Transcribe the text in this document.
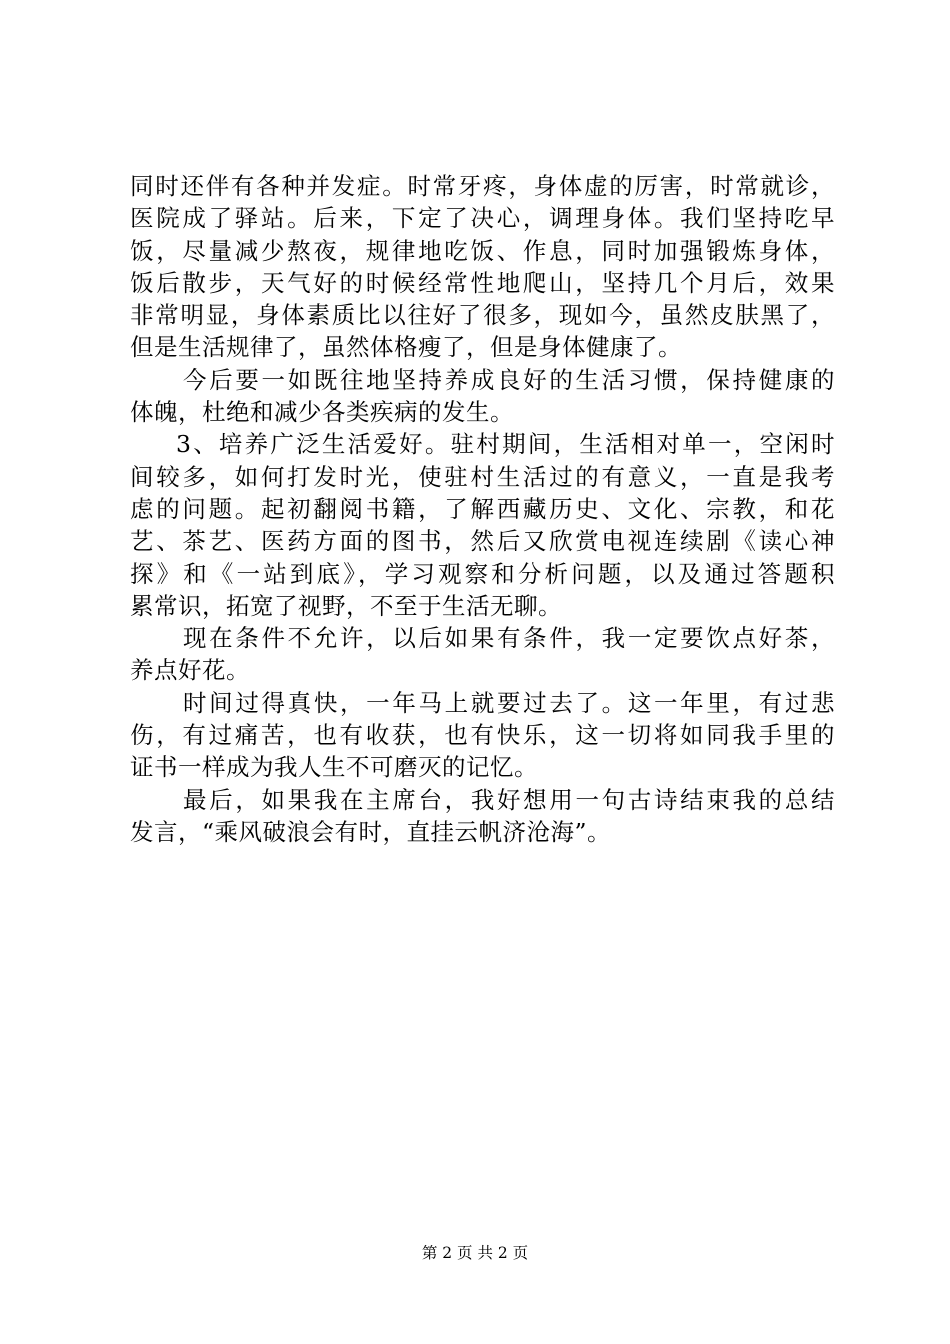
同时还伴有各种并发症。时常牙疼，身体虚的厉害，时常就诊，
医院成了驿站。后来，下定了决心，调理身体。我们坚持吃早
饭，尽量减少熬夜，规律地吃饭、作息，同时加强锻炼身体，
饭后散步，天气好的时候经常性地爬山，坚持几个月后，效果
非常明显，身体素质比以往好了很多，现如今，虽然皮肤黑了，
但是生活规律了，虽然体格瘦了，但是身体健康了。
今后要一如既往地坚持养成良好的生活习惯，保持健康的
体魄，杜绝和减少各类疾病的发生。
3、培养广泛生活爱好。驻村期间，生活相对单一，空闲时
间较多，如何打发时光，使驻村生活过的有意义，一直是我考
虑的问题。起初翻阅书籍，了解西藏历史、文化、宗教，和花
艺、茶艺、医药方面的图书，然后又欣赏电视连续剧《读心神
探》和《一站到底》，学习观察和分析问题，以及通过答题积
累常识，拓宽了视野，不至于生活无聊。
现在条件不允许，以后如果有条件，我一定要饮点好茶，
养点好花。
时间过得真快，一年马上就要过去了。这一年里，有过悲
伤，有过痛苦，也有收获，也有快乐，这一切将如同我手里的
证书一样成为我人生不可磨灭的记忆。
最后，如果我在主席台，我好想用一句古诗结束我的总结
发言，“乘风破浪会有时，直挂云帆济沧海”。
第 2 页 共 2 页
